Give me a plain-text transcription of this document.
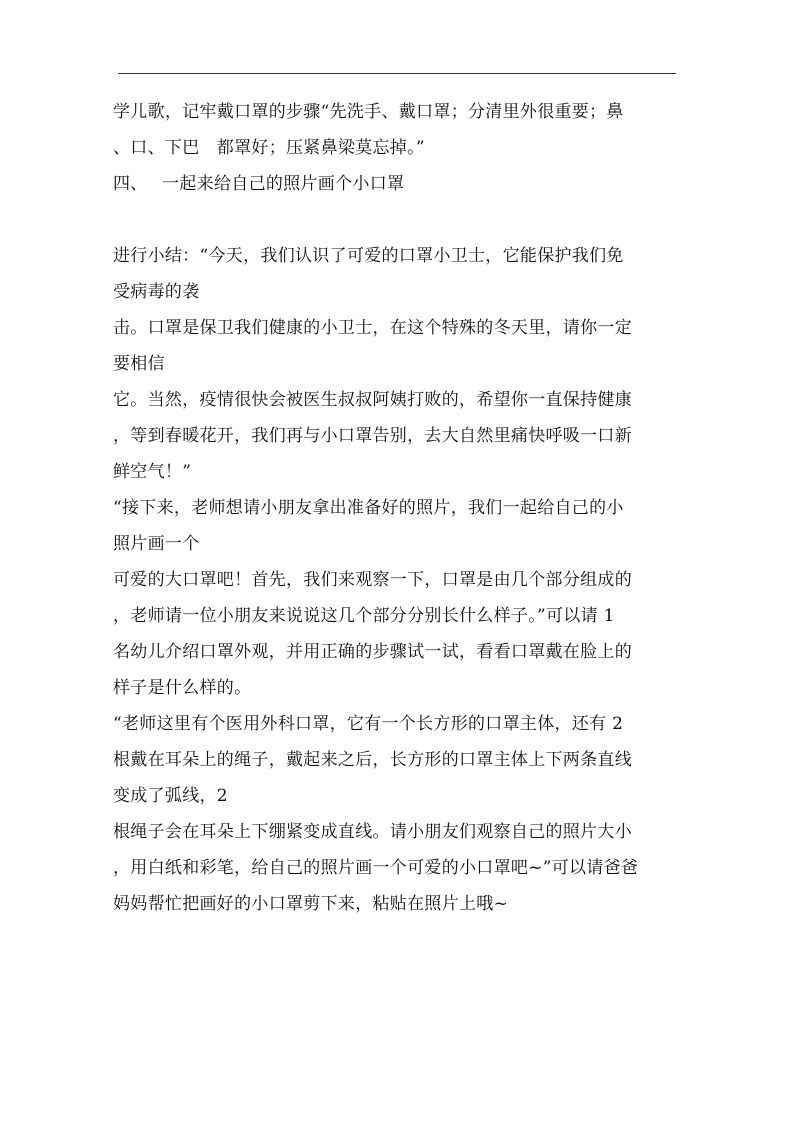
学儿歌，记牢戴口罩的步骤“先洗手、戴口罩；分清里外很重要；鼻
、口、下巴　都罩好；压紧鼻梁莫忘掉。”
四、　 一起来给自己的照片画个小口罩
进行小结：“今天，我们认识了可爱的口罩小卫士，它能保护我们免
受病毒的袭
击。口罩是保卫我们健康的小卫士，在这个特殊的冬天里，请你一定
要相信
它。当然，疫情很快会被医生叔叔阿姨打败的，希望你一直保持健康
，等到春暖花开，我们再与小口罩告别，去大自然里痛快呼吸一口新
鲜空气！”
“接下来，老师想请小朋友拿出准备好的照片，我们一起给自己的小
照片画一个
可爱的大口罩吧！首先，我们来观察一下，口罩是由几个部分组成的
，老师请一位小朋友来说说这几个部分分别长什么样子。”可以请 1
名幼儿介绍口罩外观，并用正确的步骤试一试，看看口罩戴在脸上的
样子是什么样的。
“老师这里有个医用外科口罩，它有一个长方形的口罩主体，还有 2
根戴在耳朵上的绳子，戴起来之后，长方形的口罩主体上下两条直线
变成了弧线，2
根绳子会在耳朵上下绷紧变成直线。请小朋友们观察自己的照片大小
，用白纸和彩笔，给自己的照片画一个可爱的小口罩吧~”可以请爸爸
妈妈帮忙把画好的小口罩剪下来，粘贴在照片上哦~
